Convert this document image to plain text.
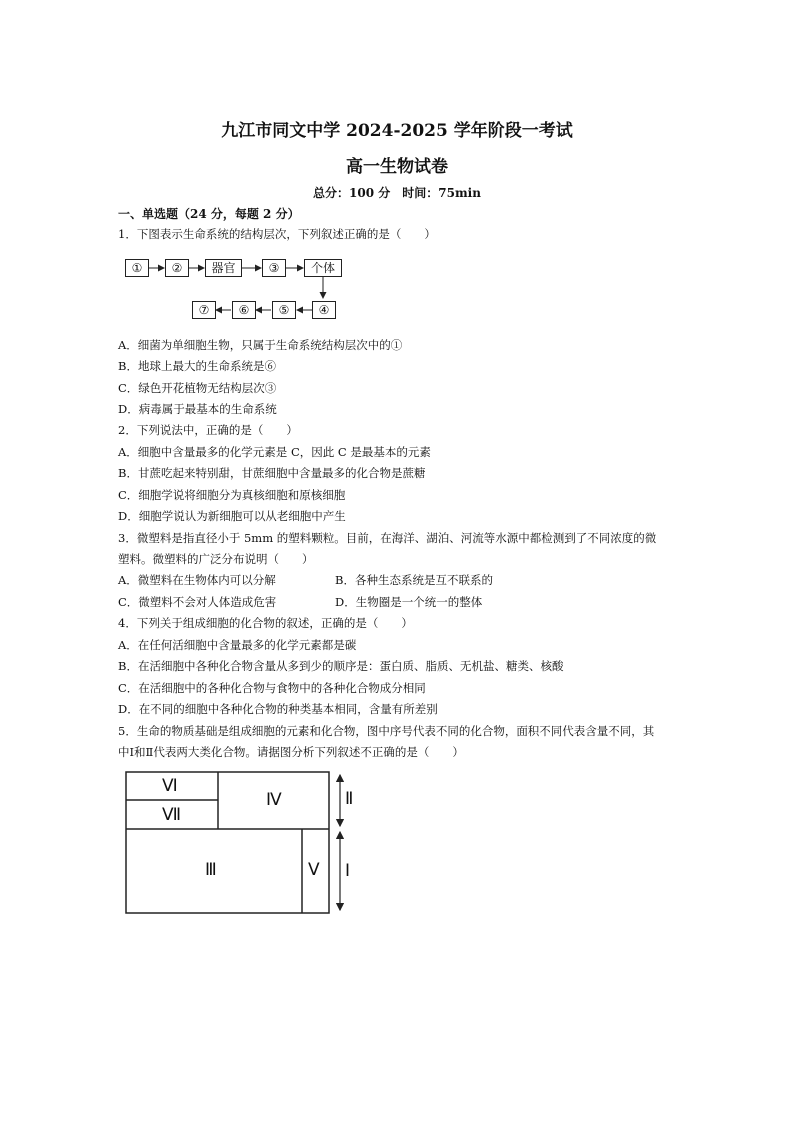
九江市同文中学 2024-2025 学年阶段一考试
高一生物试卷
总分：100 分　时间：75min
一、单选题（24 分，每题 2 分）
1．下图表示生命系统的结构层次，下列叙述正确的是（　　）
①	②	器官	③	个体
④
⑤
⑥
⑦
A．细菌为单细胞生物，只属于生命系统结构层次中的①
B．地球上最大的生命系统是⑥
C．绿色开花植物无结构层次③
D．病毒属于最基本的生命系统
2．下列说法中，正确的是（　　）
A．细胞中含量最多的化学元素是 C，因此 C 是最基本的元素
B．甘蔗吃起来特别甜，甘蔗细胞中含量最多的化合物是蔗糖
C．细胞学说将细胞分为真核细胞和原核细胞
D．细胞学说认为新细胞可以从老细胞中产生
3．微塑料是指直径小于 5mm 的塑料颗粒。目前，在海洋、湖泊、河流等水源中都检测到了不同浓度的微
塑料。微塑料的广泛分布说明（　　）
A．微塑料在生物体内可以分解	B．各种生态系统是互不联系的
C．微塑料不会对人体造成危害	D．生物圈是一个统一的整体
4．下列关于组成细胞的化合物的叙述，正确的是（　　）
A．在任何活细胞中含量最多的化学元素都是碳
B．在活细胞中各种化合物含量从多到少的顺序是：蛋白质、脂质、无机盐、糖类、核酸
C．在活细胞中的各种化合物与食物中的各种化合物成分相同
D．在不同的细胞中各种化合物的种类基本相同，含量有所差别
5．生命的物质基础是组成细胞的元素和化合物，图中序号代表不同的化合物，面积不同代表含量不同，其
中Ⅰ和Ⅱ代表两大类化合物。请据图分析下列叙述不正确的是（　　）
Ⅵ
Ⅶ
Ⅳ
Ⅲ	Ⅴ
Ⅱ
Ⅰ
